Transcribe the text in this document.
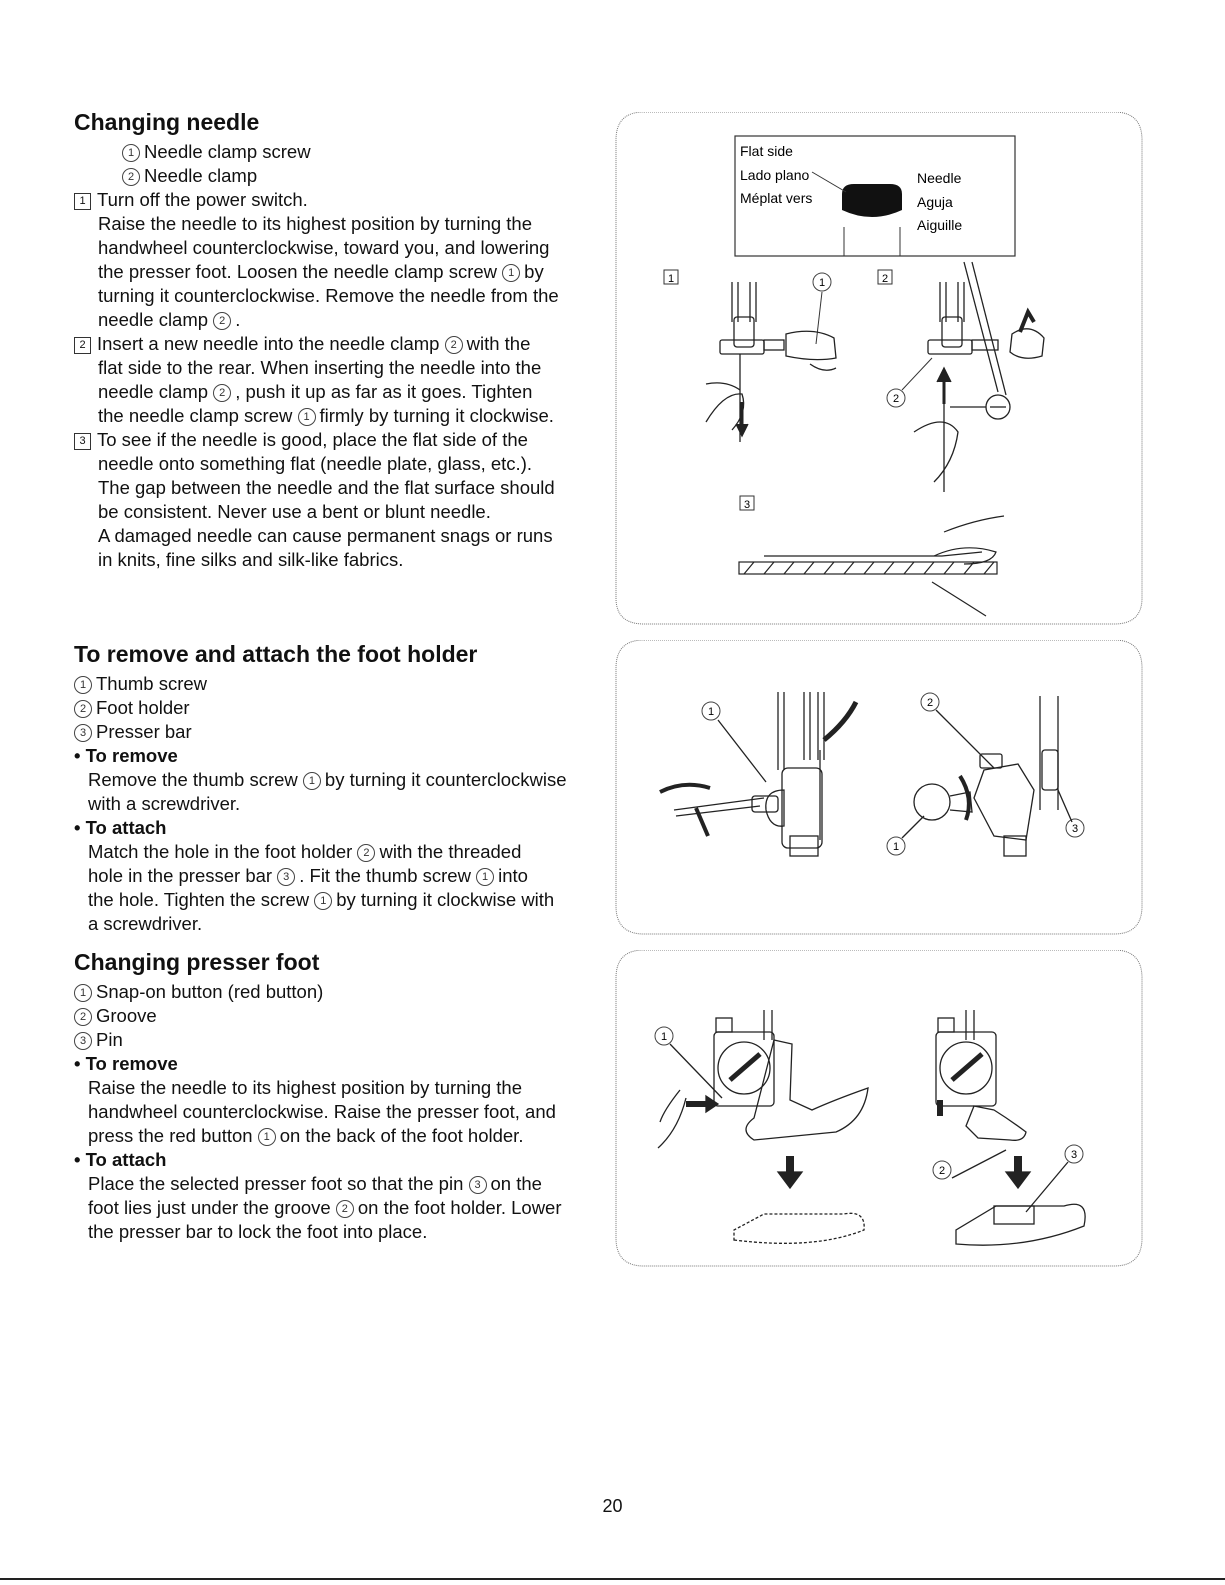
Changing needle
1 Needle clamp screw
2 Needle clamp
1 Turn off the power switch.
Raise the needle to its highest position by turning the
handwheel counterclockwise, toward you, and lowering
the presser foot. Loosen the needle clamp screw 1 by
turning it counterclockwise. Remove the needle from the
needle clamp 2 .
2 Insert a new needle into the needle clamp 2 with the
flat side to the rear. When inserting the needle into the
needle clamp 2 , push it up as far as it goes. Tighten
the needle clamp screw 1 firmly by turning it clockwise.
3 To see if the needle is good, place the flat side of the
needle onto something flat (needle plate, glass, etc.).
The gap between the needle and the flat surface should
be consistent. Never use a bent or blunt needle.
A damaged needle can cause permanent snags or runs
in knits, fine silks and silk-like fabrics.
To remove and attach the foot holder
1 Thumb screw
2 Foot holder
3 Presser bar
• To remove
Remove the thumb screw 1 by turning it counterclockwise
with a screwdriver.
• To attach
Match the hole in the foot holder 2 with the threaded
hole in the presser bar 3 . Fit the thumb screw 1 into
the hole. Tighten the screw 1 by turning it clockwise with
a screwdriver.
Changing presser foot
1 Snap-on button (red button)
2 Groove
3 Pin
• To remove
Raise the needle to its highest position by turning the
handwheel counterclockwise. Raise the presser foot, and
press the red button 1 on the back of the foot holder.
• To attach
Place the selected presser foot so that the pin 3 on the
foot lies just under the groove 2 on the foot holder. Lower
the presser bar to lock the foot into place.
Flat side
Lado plano
Méplat vers
Needle
Aguja
Aiguille
1	2
3
1
2
1
2
1
3
1
2
3
20
